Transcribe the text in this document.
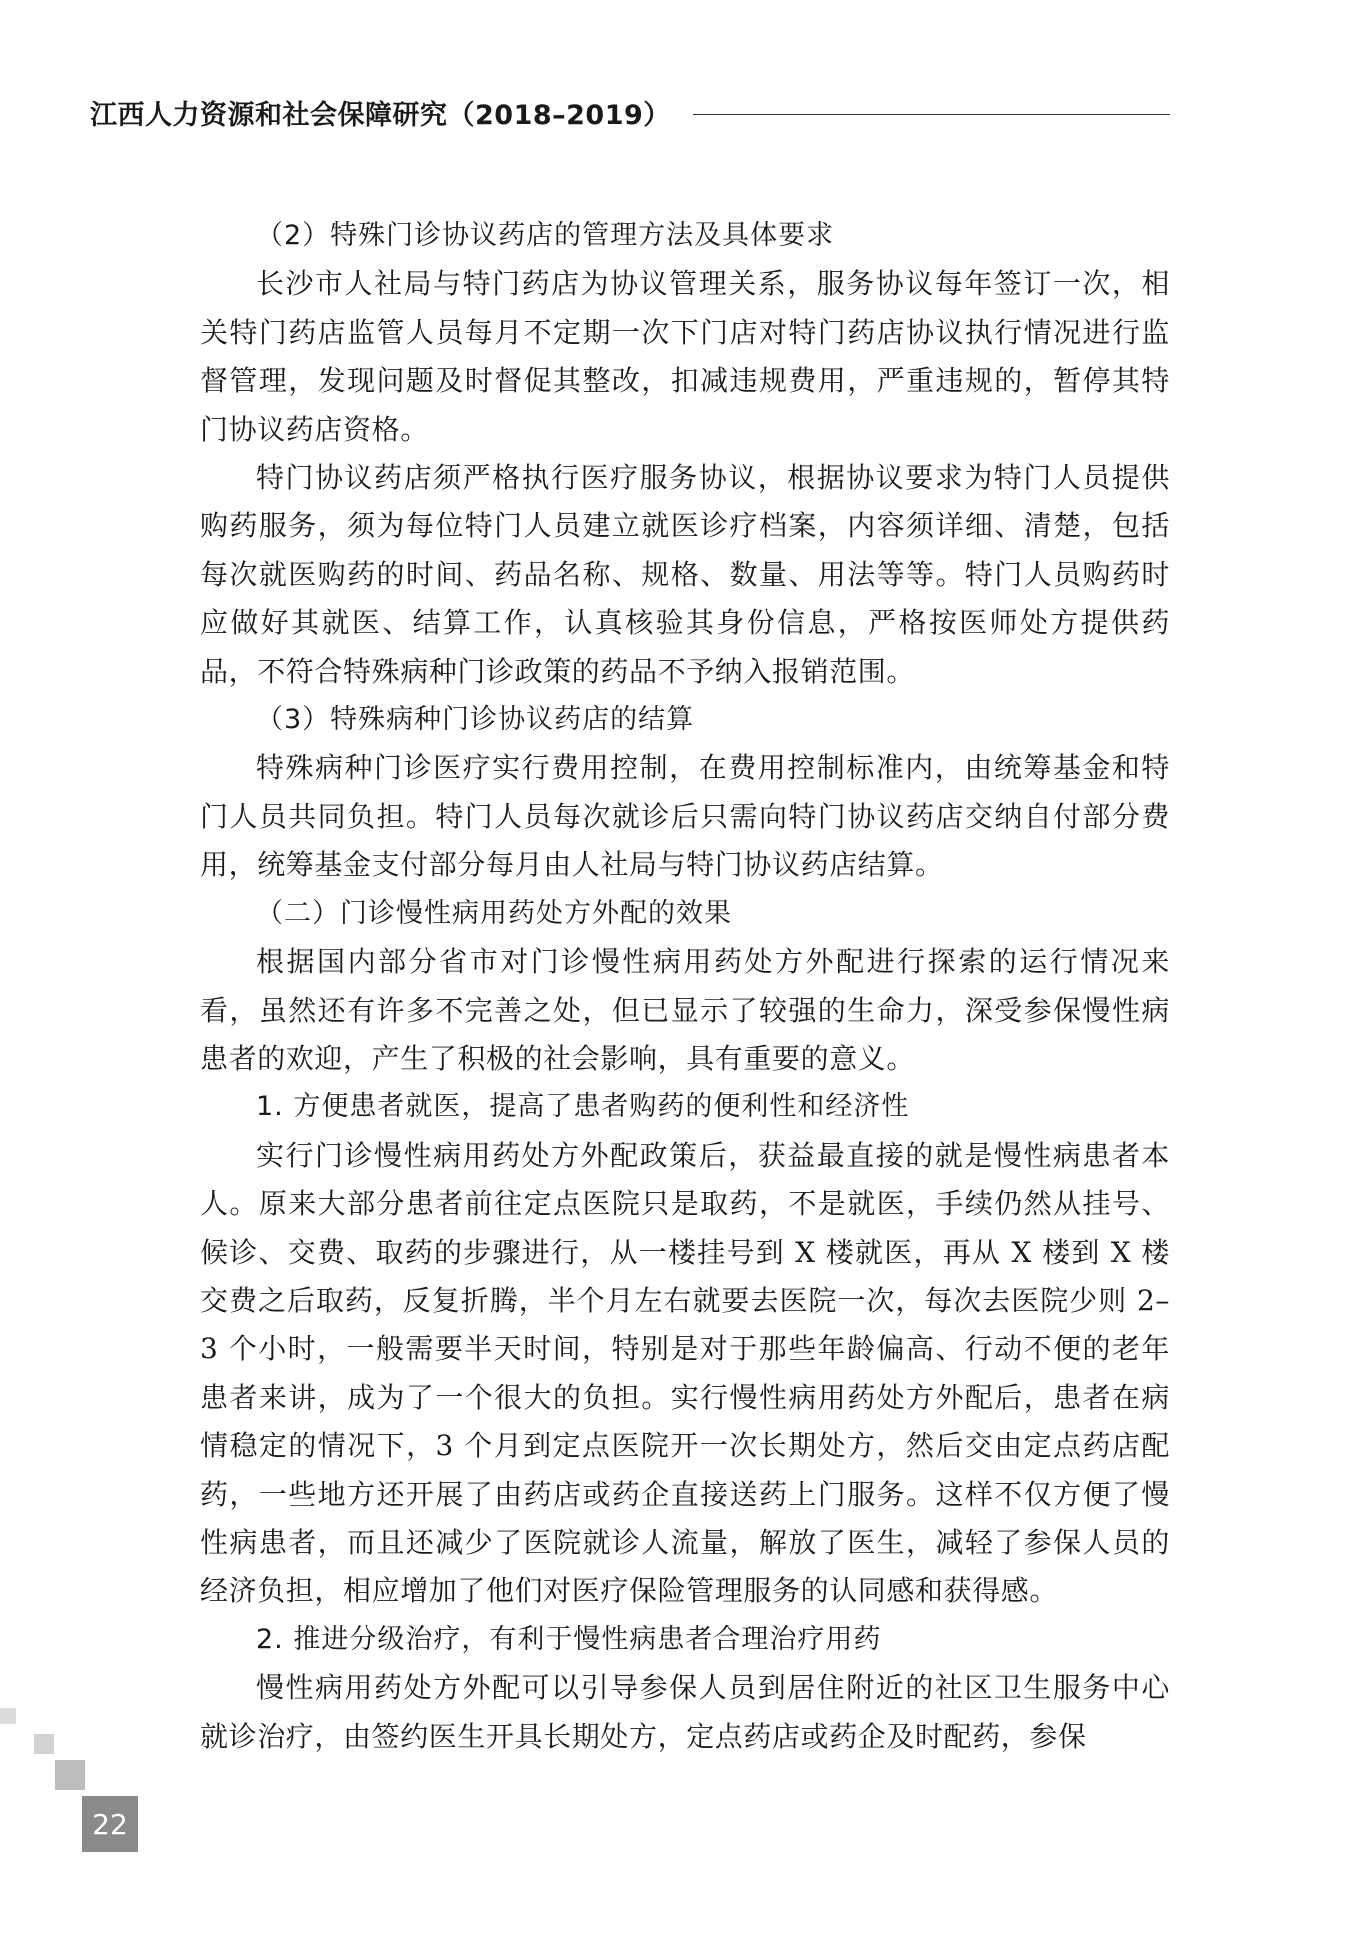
江西人力资源和社会保障研究（2018–2019）

（2）特殊门诊协议药店的管理方法及具体要求

长沙市人社局与特门药店为协议管理关系，服务协议每年签订一次，相关特门药店监管人员每月不定期一次下门店对特门药店协议执行情况进行监督管理，发现问题及时督促其整改，扣减违规费用，严重违规的，暂停其特门协议药店资格。

特门协议药店须严格执行医疗服务协议，根据协议要求为特门人员提供购药服务，须为每位特门人员建立就医诊疗档案，内容须详细、清楚，包括每次就医购药的时间、药品名称、规格、数量、用法等等。特门人员购药时应做好其就医、结算工作，认真核验其身份信息，严格按医师处方提供药品，不符合特殊病种门诊政策的药品不予纳入报销范围。

（3）特殊病种门诊协议药店的结算

特殊病种门诊医疗实行费用控制，在费用控制标准内，由统筹基金和特门人员共同负担。特门人员每次就诊后只需向特门协议药店交纳自付部分费用，统筹基金支付部分每月由人社局与特门协议药店结算。

（二）门诊慢性病用药处方外配的效果

根据国内部分省市对门诊慢性病用药处方外配进行探索的运行情况来看，虽然还有许多不完善之处，但已显示了较强的生命力，深受参保慢性病患者的欢迎，产生了积极的社会影响，具有重要的意义。

1. 方便患者就医，提高了患者购药的便利性和经济性

实行门诊慢性病用药处方外配政策后，获益最直接的就是慢性病患者本人。原来大部分患者前往定点医院只是取药，不是就医，手续仍然从挂号、候诊、交费、取药的步骤进行，从一楼挂号到 X 楼就医，再从 X 楼到 X 楼交费之后取药，反复折腾，半个月左右就要去医院一次，每次去医院少则 2–3 个小时，一般需要半天时间，特别是对于那些年龄偏高、行动不便的老年患者来讲，成为了一个很大的负担。实行慢性病用药处方外配后，患者在病情稳定的情况下，3 个月到定点医院开一次长期处方，然后交由定点药店配药，一些地方还开展了由药店或药企直接送药上门服务。这样不仅方便了慢性病患者，而且还减少了医院就诊人流量，解放了医生，减轻了参保人员的经济负担，相应增加了他们对医疗保险管理服务的认同感和获得感。

2. 推进分级治疗，有利于慢性病患者合理治疗用药

慢性病用药处方外配可以引导参保人员到居住附近的社区卫生服务中心就诊治疗，由签约医生开具长期处方，定点药店或药企及时配药，参保

22
